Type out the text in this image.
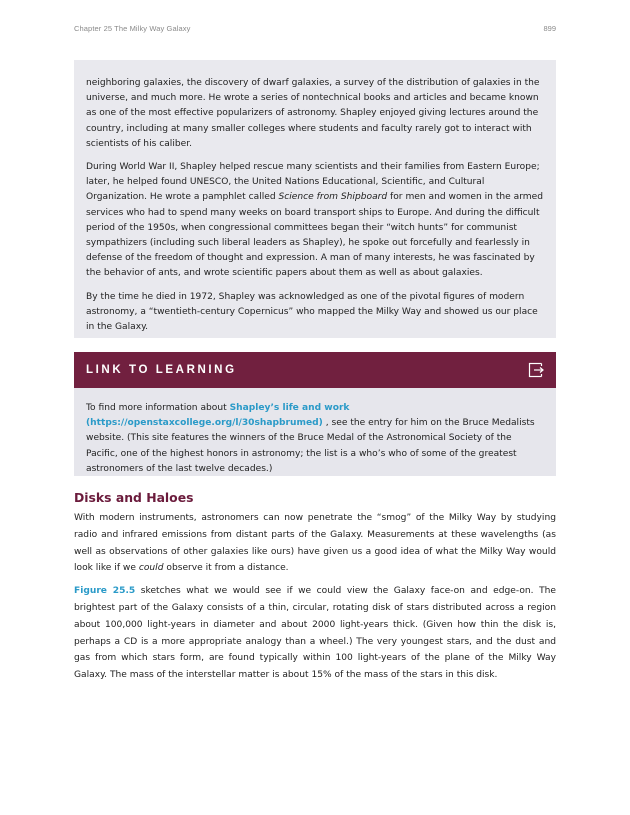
Chapter 25 The Milky Way Galaxy	899

neighboring galaxies, the discovery of dwarf galaxies, a survey of the distribution of galaxies in the universe, and much more. He wrote a series of nontechnical books and articles and became known as one of the most effective popularizers of astronomy. Shapley enjoyed giving lectures around the country, including at many smaller colleges where students and faculty rarely got to interact with scientists of his caliber.

During World War II, Shapley helped rescue many scientists and their families from Eastern Europe; later, he helped found UNESCO, the United Nations Educational, Scientific, and Cultural Organization. He wrote a pamphlet called Science from Shipboard for men and women in the armed services who had to spend many weeks on board transport ships to Europe. And during the difficult period of the 1950s, when congressional committees began their “witch hunts” for communist sympathizers (including such liberal leaders as Shapley), he spoke out forcefully and fearlessly in defense of the freedom of thought and expression. A man of many interests, he was fascinated by the behavior of ants, and wrote scientific papers about them as well as about galaxies.

By the time he died in 1972, Shapley was acknowledged as one of the pivotal figures of modern astronomy, a “twentieth-century Copernicus” who mapped the Milky Way and showed us our place in the Galaxy.

LINK TO LEARNING
To find more information about Shapley’s life and work (https://openstaxcollege.org/l/30shapbrumed) , see the entry for him on the Bruce Medalists website. (This site features the winners of the Bruce Medal of the Astronomical Society of the Pacific, one of the highest honors in astronomy; the list is a who’s who of some of the greatest astronomers of the last twelve decades.)
Disks and Haloes

With modern instruments, astronomers can now penetrate the “smog” of the Milky Way by studying radio and infrared emissions from distant parts of the Galaxy. Measurements at these wavelengths (as well as observations of other galaxies like ours) have given us a good idea of what the Milky Way would look like if we could observe it from a distance.

Figure 25.5 sketches what we would see if we could view the Galaxy face-on and edge-on. The brightest part of the Galaxy consists of a thin, circular, rotating disk of stars distributed across a region about 100,000 light-years in diameter and about 2000 light-years thick. (Given how thin the disk is, perhaps a CD is a more appropriate analogy than a wheel.) The very youngest stars, and the dust and gas from which stars form, are found typically within 100 light-years of the plane of the Milky Way Galaxy. The mass of the interstellar matter is about 15% of the mass of the stars in this disk.
